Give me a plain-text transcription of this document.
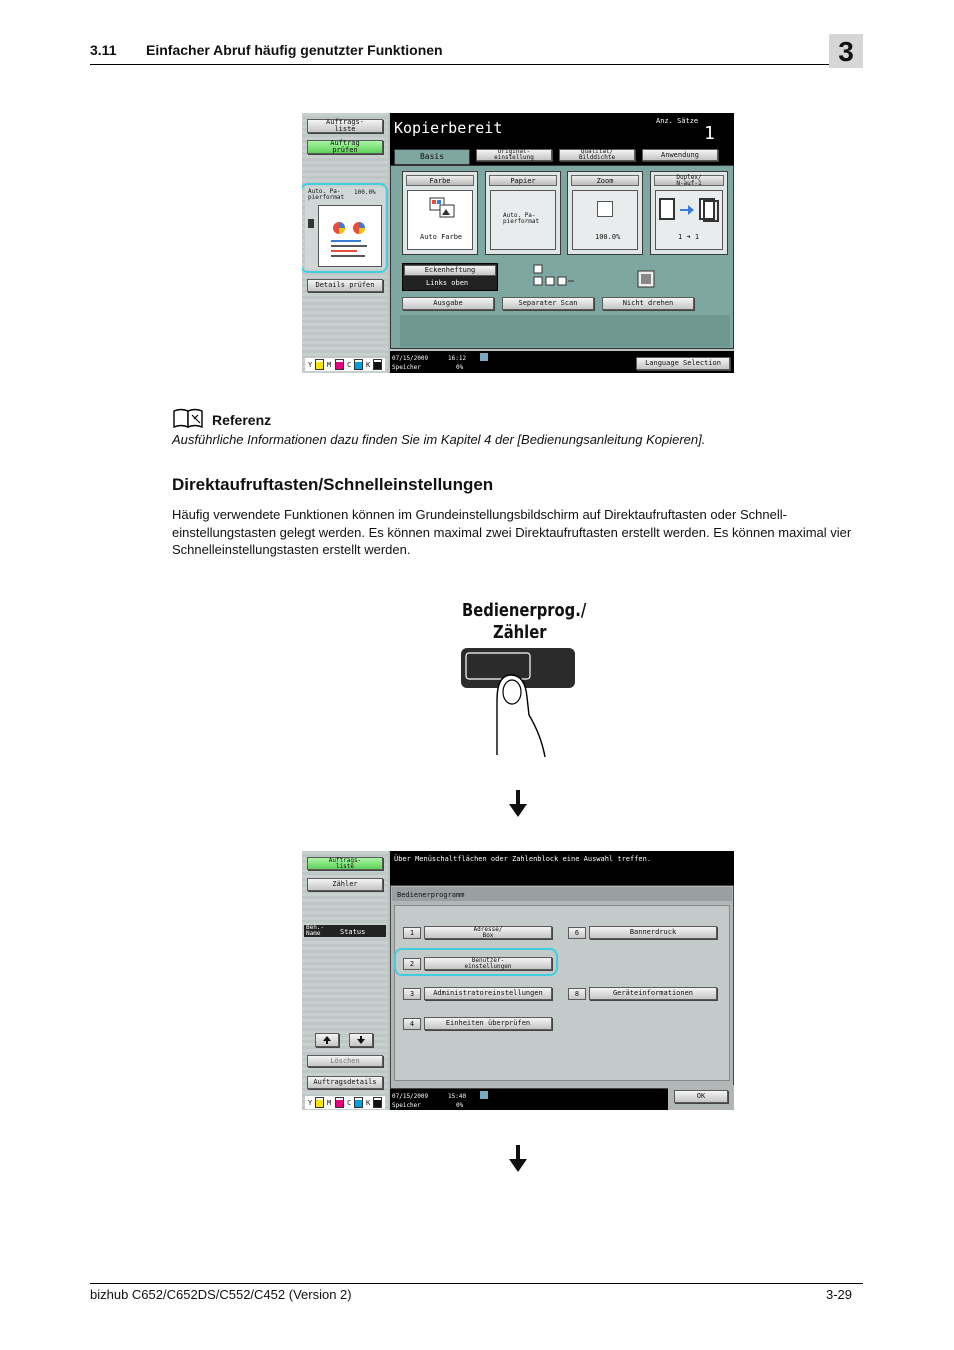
3.11 Einfacher Abruf häufig genutzter Funktionen	3
Auftrags-
liste
Auftrag
prüfen
Auto. Pa-
pierformat
100.0%
Details prüfen
Y M C K
Kopierbereit	Anz. Sätze
1
Basis
Original-
einstellung
Qualität/
Bilddichte	Anwendung
Farbe
Auto Farbe
Papier
Auto. Pa-
pierformat
Zoom
100.0%
Duplex/
N-auf-1
1 ➜ 1
Eckenheftung
Links oben
Ausgabe	Separater Scan	Nicht drehen
07/15/2009	16:12
Speicher	0%
Language Selection
Referenz
Ausführliche Informationen dazu finden Sie im Kapitel 4 der [Bedienungsanleitung Kopieren].
Direktaufruftasten/Schnelleinstellungen
Häufig verwendete Funktionen können im Grundeinstellungsbildschirm auf Direktaufruftasten oder Schnell-einstellungstasten gelegt werden. Es können maximal zwei Direktaufruftasten erstellt werden. Es können maximal vier Schnelleinstellungstasten erstellt werden.
Bedienerprog./
Zähler
Auftrags-
liste
Zähler
Ben.-
Name	Status
Löschen
Auftragsdetails
Y M C K
Über Menüschaltflächen oder Zahlenblock eine Auswahl treffen.
Bedienerprogramm
1	Adresse/
Box
2	Benutzer-
einstellungen
3	Administratoreinstellungen
4	Einheiten überprüfen
6	Bannerdruck
8	Geräteinformationen
07/15/2009	15:40
Speicher	0%
OK
bizhub C652/C652DS/C552/C452 (Version 2)	3-29
